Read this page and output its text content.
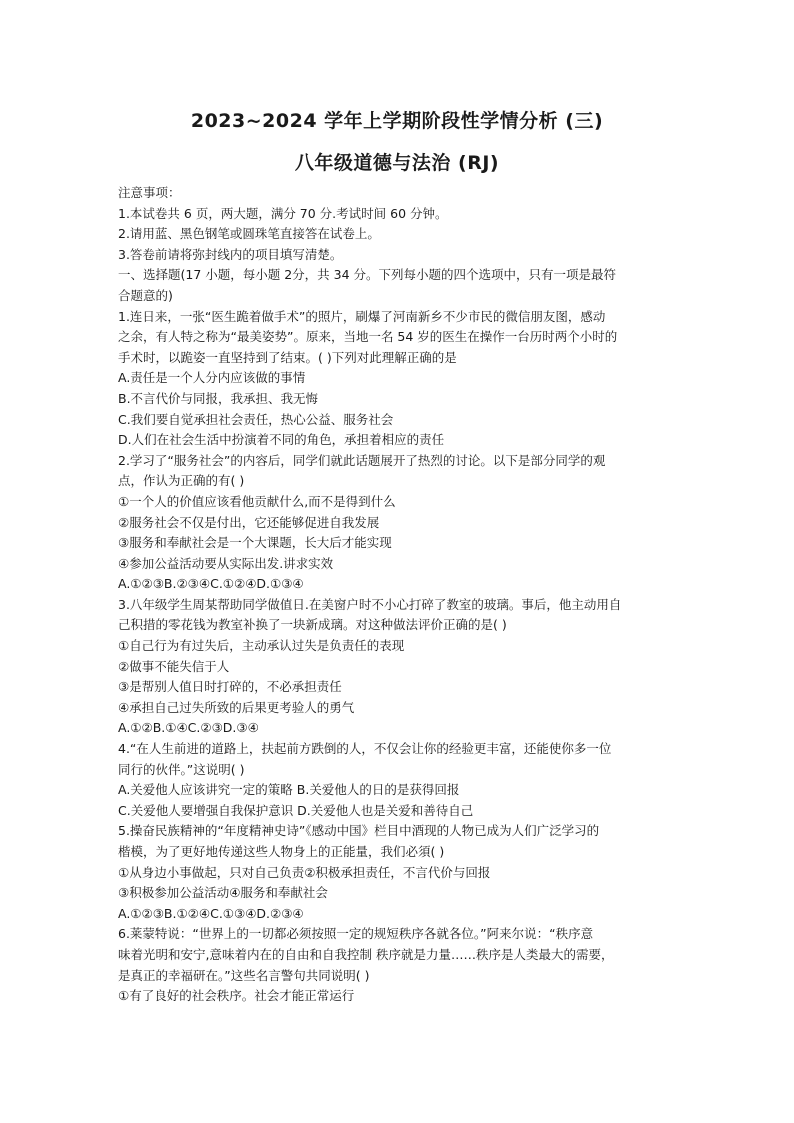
2023~2024 学年上学期阶段性学情分析 (三)
八年级道德与法治 (RJ)
注意事项：
1.本试卷共 6 页，两大题，满分 70 分.考试时间 60 分钟。
2.请用蓝、黑色钢笔或圆珠笔直接答在试卷上。
3.答卷前请将弥封线内的项目填写清楚。
一、选择题(17 小题，每小题 2分，共 34 分。下列每小题的四个选项中，只有一项是最符
合题意的)
1.连日来，一张“医生跪着做手术”的照片，刷爆了河南新乡不少市民的微信朋友图，感动
之余，有人特之称为“最美姿势”。原来，当地一名 54 岁的医生在操作一台历时两个小时的
手术时，以跪姿一直坚持到了结束。( )下列对此理解正确的是
A.责任是一个人分内应该做的事情
B.不言代价与同报，我承担、我无悔
C.我们要自觉承担社会责任，热心公益、服务社会
D.人们在社会生活中扮演着不同的角色，承担着相应的责任
2.学习了“服务社会”的内容后，同学们就此话题展开了热烈的讨论。以下是部分同学的观
点，作认为正确的有( )
①一个人的价值应该看他贡献什么,而不是得到什么
②服务社会不仅是付出，它还能够促进自我发展
③服务和奉献社会是一个大课题，长大后才能实现
④参加公益活动要从实际出发.讲求实效
A.①②③B.②③④C.①②④D.①③④
3.八年级学生周某帮助同学做值日.在美窗户时不小心打碎了教室的玻璃。事后，他主动用自
己积措的零花钱为教室补换了一块新成璃。对这种做法评价正确的是( )
①自己行为有过失后，主动承认过失是负责任的表现
②做事不能失信于人
③是帮别人值日时打碎的，不必承担责任
④承担自己过失所致的后果更考验人的勇气
A.①②B.①④C.②③D.③④
4.“在人生前进的道路上，扶起前方跌倒的人，不仅会让你的经验更丰富，还能使你多一位
同行的伙伴。”这说明( )
A.关爱他人应该讲究一定的策略 B.关爱他人的日的是获得回报
C.关爱他人要增强自我保护意识 D.关爱他人也是关爱和善待自己
5.操奋民族精神的“年度精神史诗”《感动中国》栏目中酒现的人物已成为人们广泛学习的
楷模，为了更好地传递这些人物身上的正能量，我们必須( )
①从身边小事做起，只对自己负责②积极承担责任，不言代价与回报
③积极参加公益活动④服务和奉献社会
A.①②③B.①②④C.①③④D.②③④
6.莱蒙特说：“世界上的一切都必须按照一定的规短秩序各就各位。”阿来尔说：“秩序意
味着光明和安宁,意味着内在的自由和自我控制 秩序就是力量……秩序是人类最大的需要，
是真正的幸福研在。”这些名言警句共同说明( )
①有了良好的社会秩序。社会才能正常运行
